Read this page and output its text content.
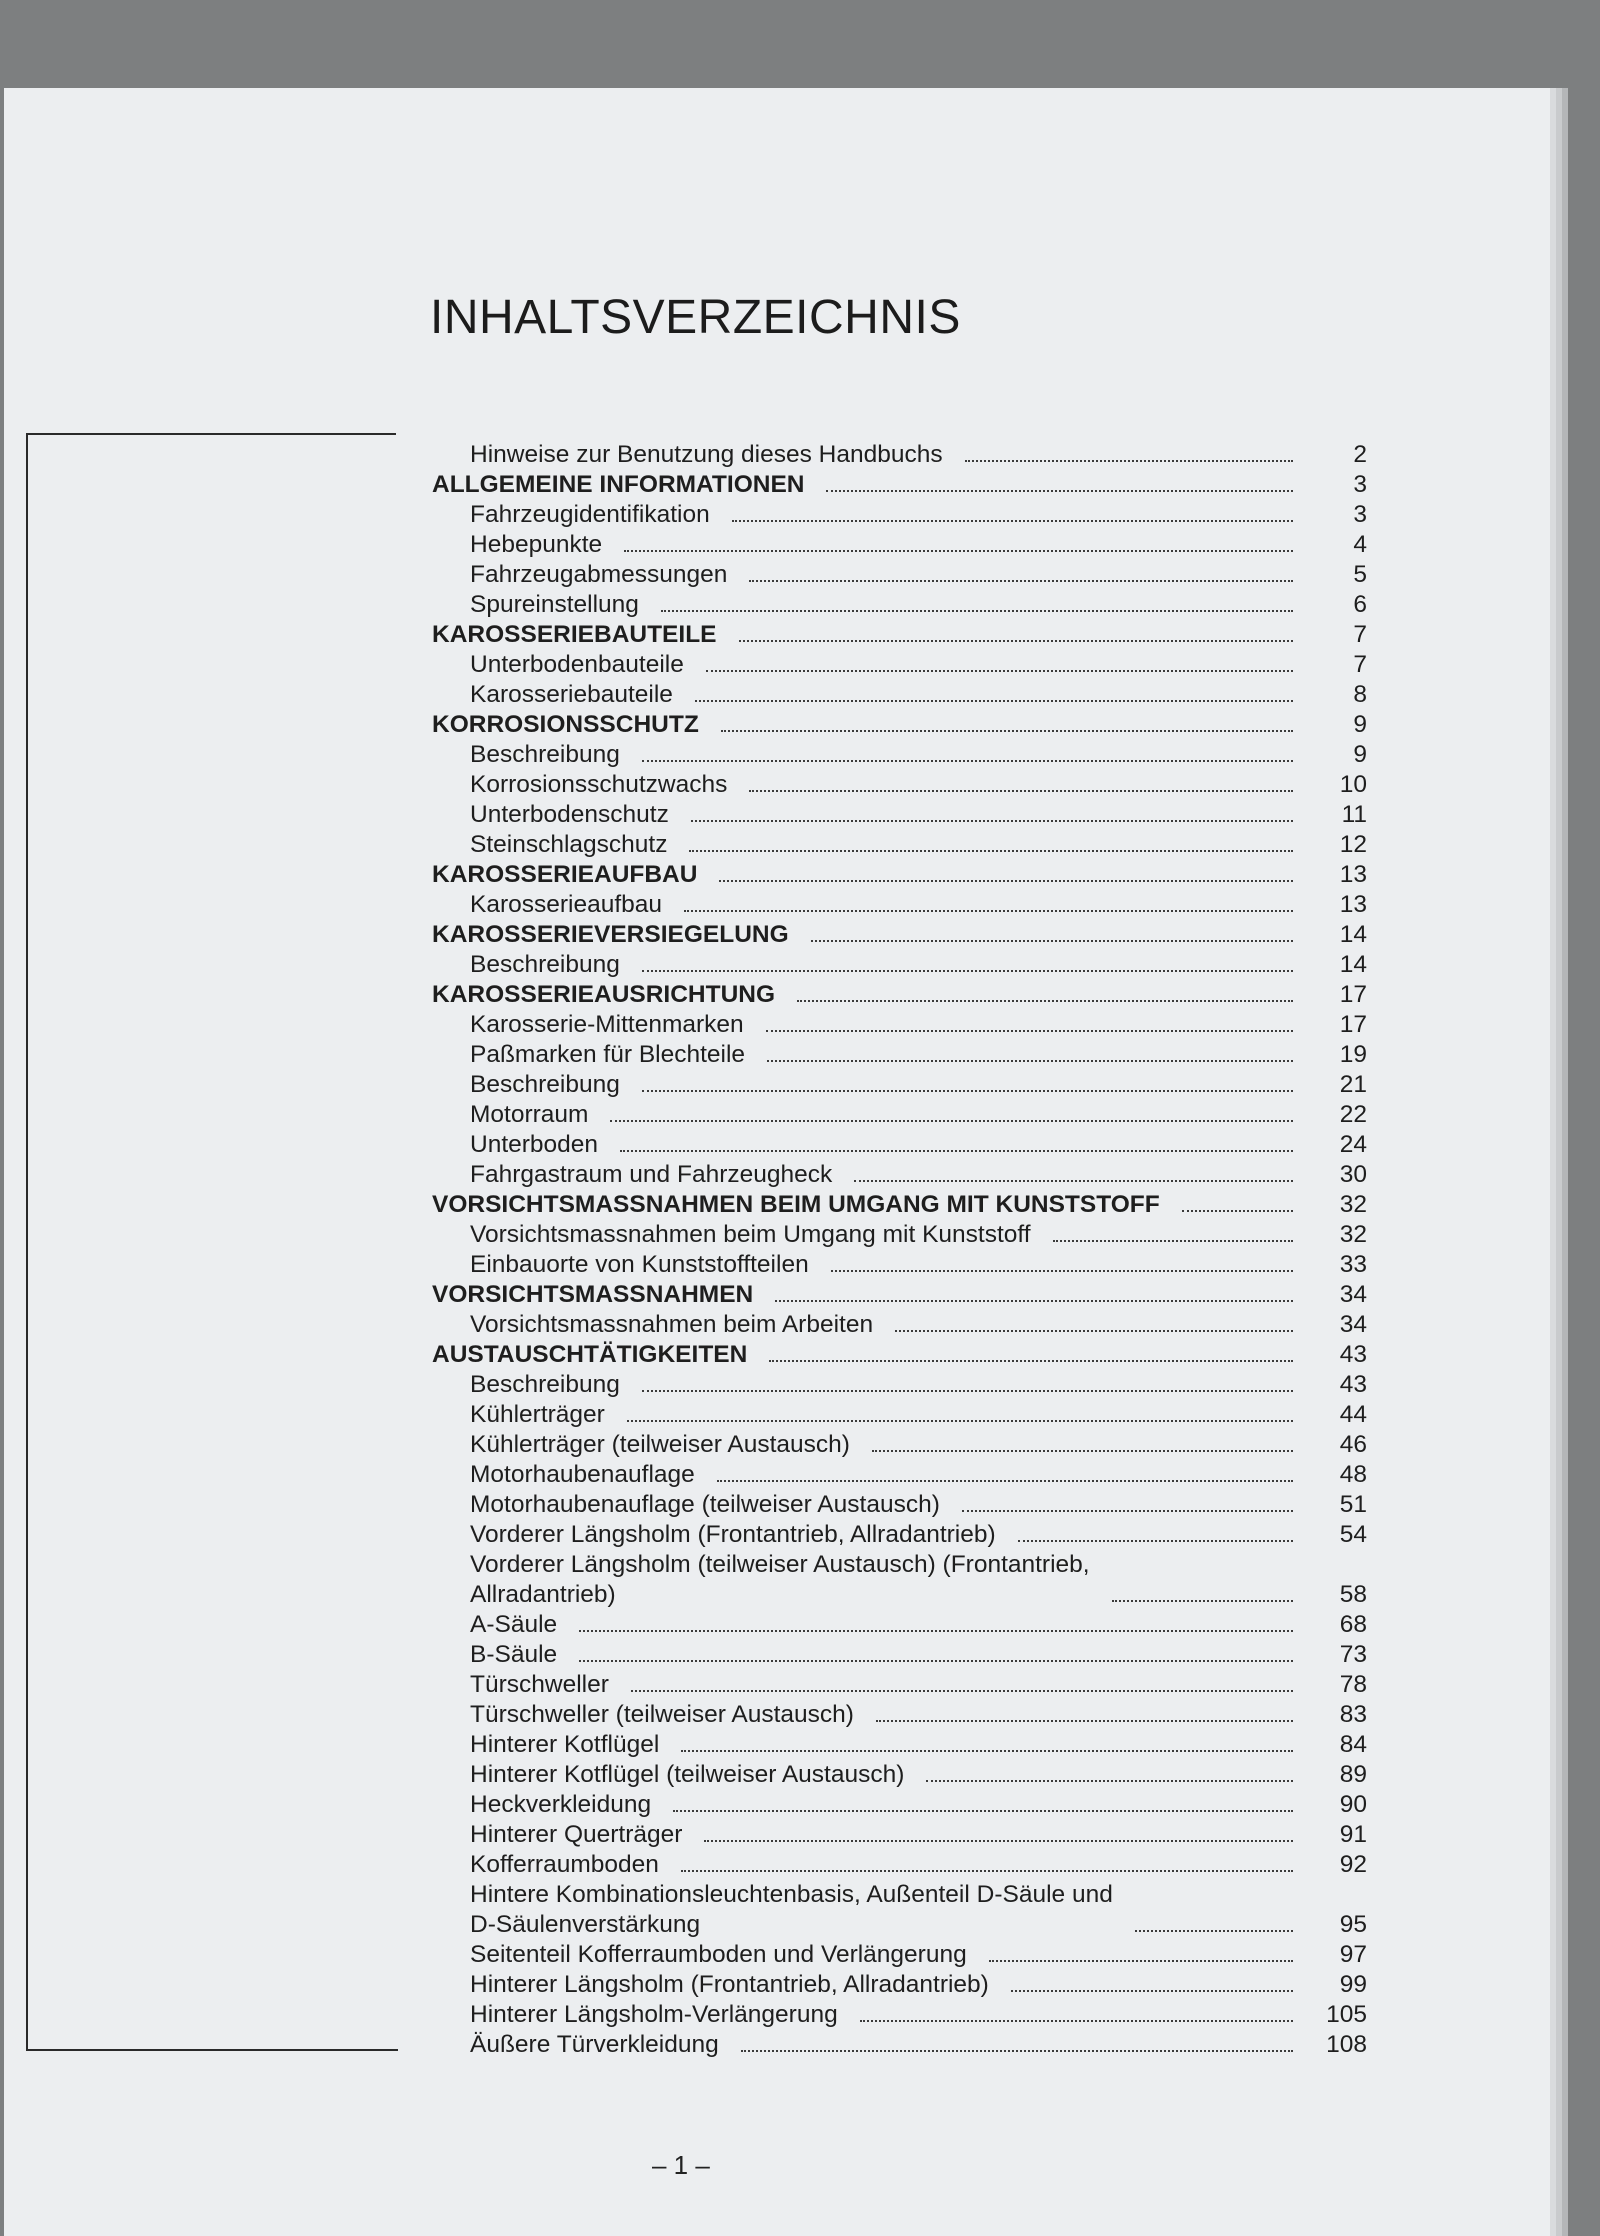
INHALTSVERZEICHNIS
Hinweise zur Benutzung dieses Handbuchs	2
ALLGEMEINE INFORMATIONEN	3
Fahrzeugidentifikation	3
Hebepunkte	4
Fahrzeugabmessungen	5
Spureinstellung	6
KAROSSERIEBAUTEILE	7
Unterbodenbauteile	7
Karosseriebauteile	8
KORROSIONSSCHUTZ	9
Beschreibung	9
Korrosionsschutzwachs	10
Unterbodenschutz	11
Steinschlagschutz	12
KAROSSERIEAUFBAU	13
Karosserieaufbau	13
KAROSSERIEVERSIEGELUNG	14
Beschreibung	14
KAROSSERIEAUSRICHTUNG	17
Karosserie-Mittenmarken	17
Paßmarken für Blechteile	19
Beschreibung	21
Motorraum	22
Unterboden	24
Fahrgastraum und Fahrzeugheck	30
VORSICHTSMASSNAHMEN BEIM UMGANG MIT KUNSTSTOFF	32
Vorsichtsmassnahmen beim Umgang mit Kunststoff	32
Einbauorte von Kunststoffteilen	33
VORSICHTSMASSNAHMEN	34
Vorsichtsmassnahmen beim Arbeiten	34
AUSTAUSCHTÄTIGKEITEN	43
Beschreibung	43
Kühlerträger	44
Kühlerträger (teilweiser Austausch)	46
Motorhaubenauflage	48
Motorhaubenauflage (teilweiser Austausch)	51
Vorderer Längsholm (Frontantrieb, Allradantrieb)	54
Vorderer Längsholm (teilweiser Austausch) (Frontantrieb,
Allradantrieb)	58
A-Säule	68
B-Säule	73
Türschweller	78
Türschweller (teilweiser Austausch)	83
Hinterer Kotflügel	84
Hinterer Kotflügel (teilweiser Austausch)	89
Heckverkleidung	90
Hinterer Querträger	91
Kofferraumboden	92
Hintere Kombinationsleuchtenbasis, Außenteil D-Säule und
D-Säulenverstärkung	95
Seitenteil Kofferraumboden und Verlängerung	97
Hinterer Längsholm (Frontantrieb, Allradantrieb)	99
Hinterer Längsholm-Verlängerung	105
Äußere Türverkleidung	108
– 1 –
